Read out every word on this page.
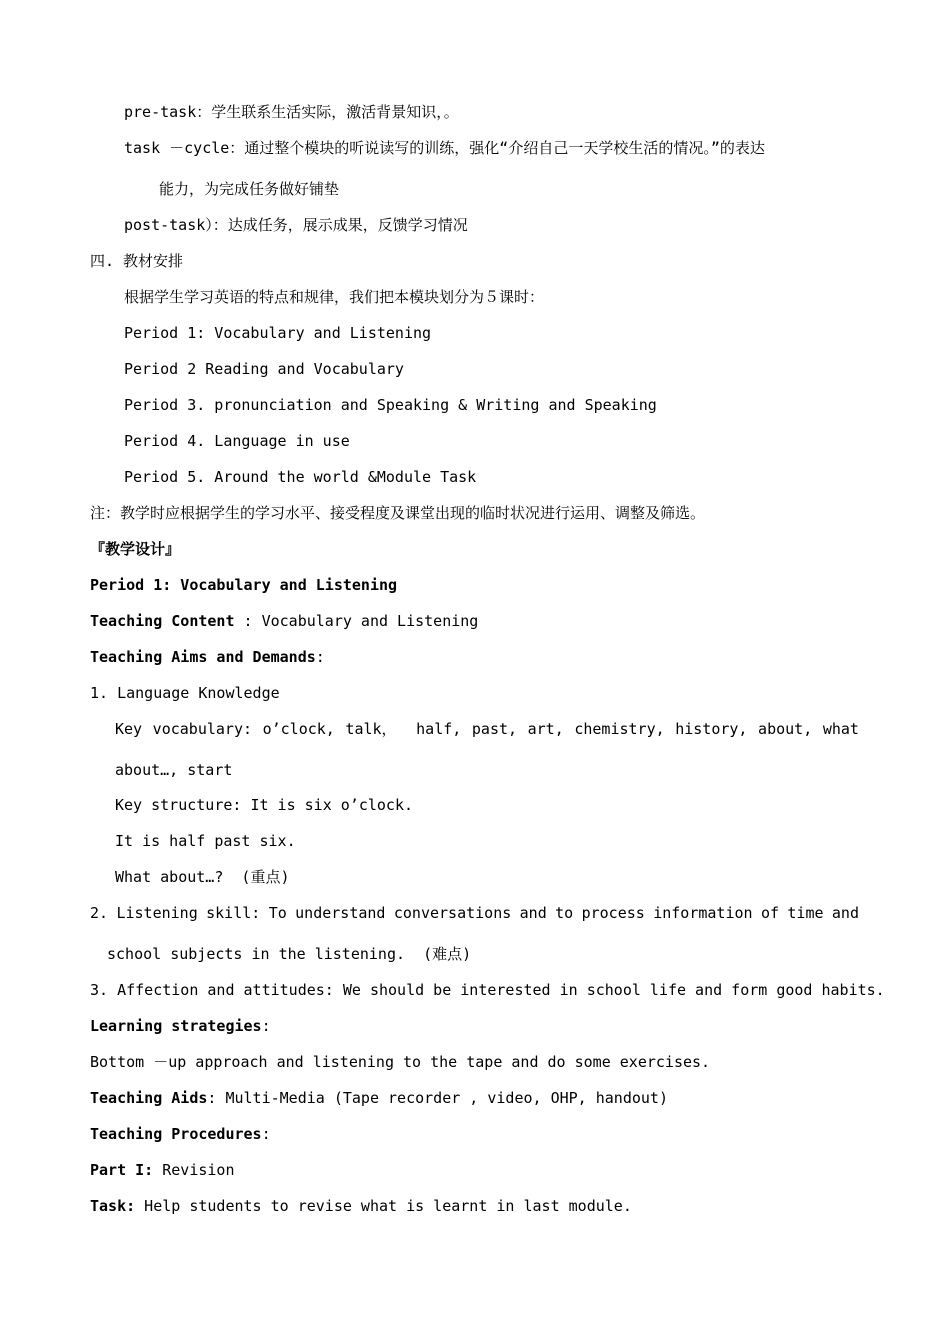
pre-task：学生联系生活实际，激活背景知识，。
task －cycle：通过整个模块的听说读写的训练，强化“介绍自己一天学校生活的情况。”的表达
能力，为完成任务做好铺垫
post-task）：达成任务，展示成果，反馈学习情况
四. 教材安排
根据学生学习英语的特点和规律，我们把本模块划分为５课时：
Period 1: Vocabulary and Listening
Period 2 Reading and Vocabulary
Period 3. pronunciation and Speaking & Writing and Speaking
Period 4. Language in use
Period 5. Around the world &Module Task
注：教学时应根据学生的学习水平、接受程度及课堂出现的临时状况进行运用、调整及筛选。
『教学设计』
Period 1: Vocabulary and Listening
Teaching Content : Vocabulary and Listening
Teaching Aims and Demands:
1. Language Knowledge
Key vocabulary: o’clock, talk， half, past, art, chemistry, history, about, what
about…, start
Key structure: It is six o’clock.
It is half past six.
What about…?  (重点)
2. Listening skill: To understand conversations and to process information of time and
school subjects in the listening.  (难点)
3. Affection and attitudes: We should be interested in school life and form good habits.
Learning strategies:
Bottom －up approach and listening to the tape and do some exercises.
Teaching Aids: Multi-Media (Tape recorder , video, OHP, handout)
Teaching Procedures:
Part I: Revision
Task: Help students to revise what is learnt in last module.
